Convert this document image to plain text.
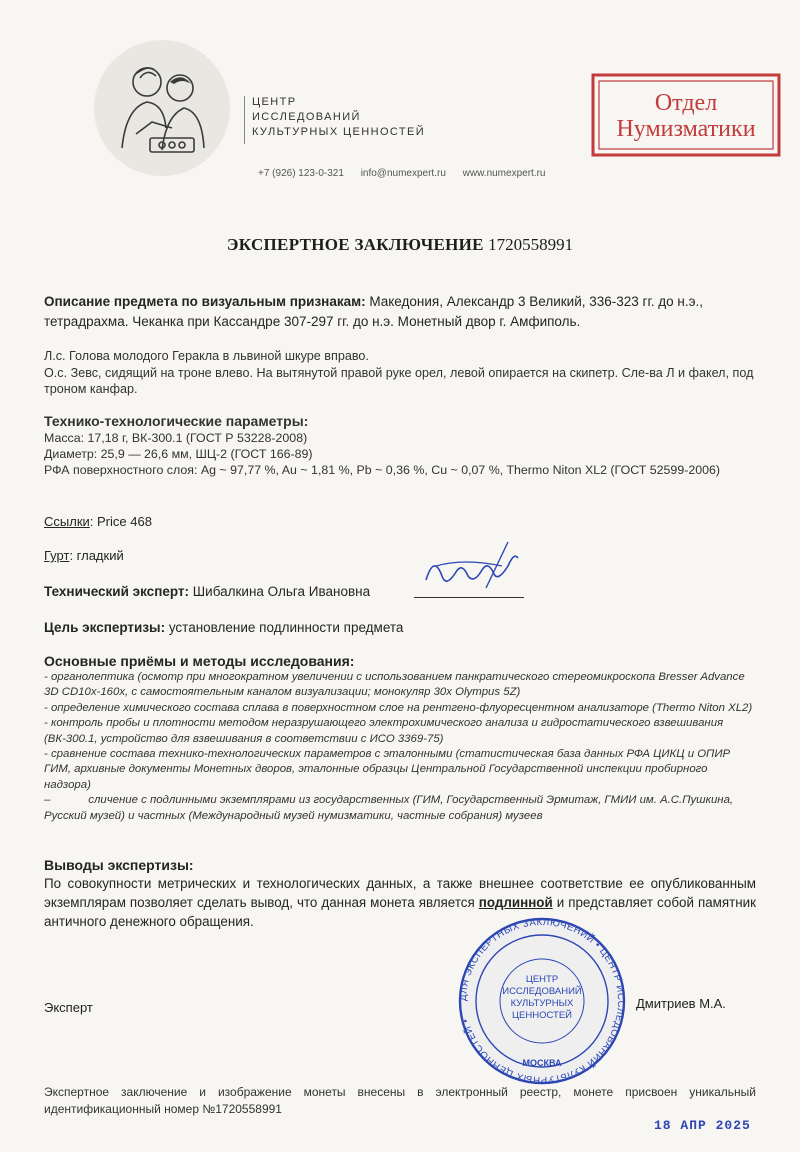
ЦЕНТР
ИССЛЕДОВАНИЙ
КУЛЬТУРНЫХ ЦЕННОСТЕЙ
+7 (926) 123-0-321 info@numexpert.ru www.numexpert.ru
Отдел
Нумизматики
ЭКСПЕРТНОЕ ЗАКЛЮЧЕНИЕ 1720558991
Описание предмета по визуальным признакам: Македония, Александр 3 Великий, 336-323 гг. до н.э., тетрадрахма. Чеканка при Кассандре 307-297 гг. до н.э. Монетный двор г. Амфиполь.
Л.с. Голова молодого Геракла в львиной шкуре вправо.
О.с. Зевс, сидящий на троне влево. На вытянутой правой руке орел, левой опирается на скипетр. Сле-ва Л и факел, под троном канфар.
Технико-технологические параметры:
Масса: 17,18 г, ВК-300.1 (ГОСТ Р 53228-2008)
Диаметр: 25,9 — 26,6 мм, ШЦ-2 (ГОСТ 166-89)
РФА поверхностного слоя: Ag ~ 97,77 %, Au ~ 1,81 %, Pb ~ 0,36 %, Cu ~ 0,07 %, Thermo Niton XL2 (ГОСТ 52599-2006)
Ссылки: Price 468
Гурт: гладкий
Технический эксперт: Шибалкина Ольга Ивановна
Цель экспертизы: установление подлинности предмета
Основные приёмы и методы исследования:
- органолептика (осмотр при многократном увеличении с использованием панкратического стереомикроскопа Bresser Advance 3D CD10x-160x, с самостоятельным каналом визуализации; монокуляр 30x Olympus 5Z)
- определение химического состава сплава в поверхностном слое на рентгено-флуоресцентном анализаторе (Thermo Niton XL2)
- контроль пробы и плотности методом неразрушающего электрохимического анализа и гидростатического взвешивания (ВК-300.1, устройство для взвешивания в соответствии с ИСО 3369-75)
- сравнение состава технико-технологических параметров с эталонными (статистическая база данных РФА ЦИКЦ и ОПИР ГИМ, архивные документы Монетных дворов, эталонные образцы Центральной Государственной инспекции пробирного надзора)
–            сличение с подлинными экземплярами из государственных (ГИМ, Государственный Эрмитаж, ГМИИ им. А.С.Пушкина, Русский музей) и частных (Международный музей нумизматики, частные собрания) музеев
Выводы экспертизы:
По совокупности метрических и технологических данных, а также внешнее соответствие ее опубликованным экземплярам позволяет сделать вывод, что данная монета является подлинной и представляет собой памятник античного денежного обращения.
ДЛЯ ЭКСПЕРТНЫХ ЗАКЛЮЧЕНИЙ • ЦЕНТР ИССЛЕДОВАНИЙ КУЛЬТУРНЫХ ЦЕННОСТЕЙ •
ЦЕНТР
ИССЛЕДОВАНИЙ
КУЛЬТУРНЫХ
ЦЕННОСТЕЙ
МОСКВА
Эксперт	Дмитриев М.А.
Экспертное заключение и изображение монеты внесены в электронный реестр, монете присвоен уникальный идентификационный номер №1720558991
18 АПР 2025
